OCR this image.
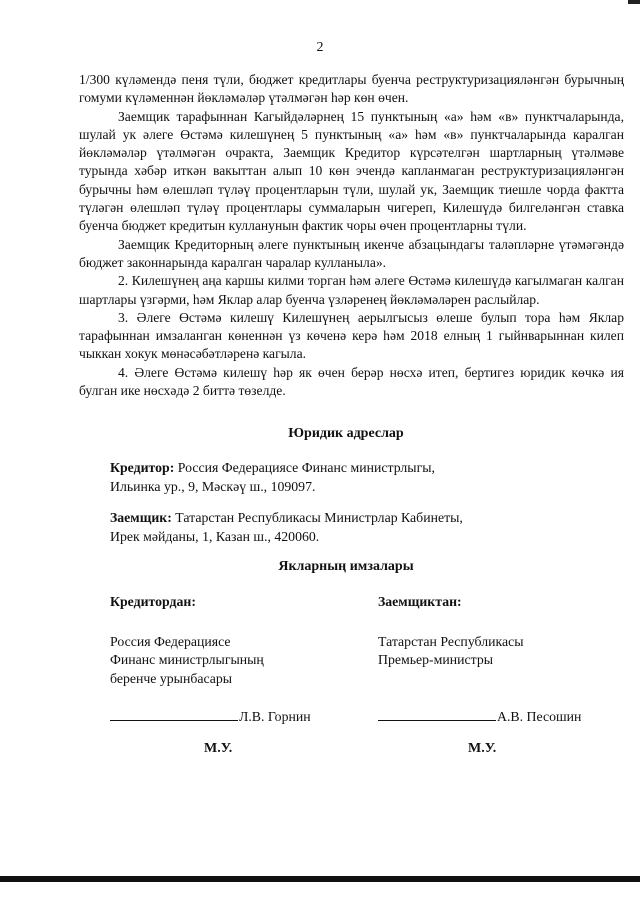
2

1/300 күләмендә пеня түли, бюджет кредитлары буенча реструктуризацияләнгән бурычның гомуми күләменнән йөкләмәләр үтәлмәгән һәр көн өчен.

Заемщик тарафыннан Кагыйдәләрнең 15 пунктының «а» һәм «в» пунктчаларында, шулай ук әлеге Өстәмә килешүнең 5 пунктының «а» һәм «в» пунктчаларында каралган йөкләмәләр үтәлмәгән очракта, Заемщик Кредитор күрсәтелгән шартларның үтәлмәве турында хәбәр иткән вакыттан алып 10 көн эчендә капланмаган реструктуризацияләнгән бурычны һәм өлешләп түләү процентларын түли, шулай ук, Заемщик тиешле чорда фактта түләгән өлешләп түләү процентлары суммаларын чигереп, Килешүдә билгеләнгән ставка буенча бюджет кредитын кулланунын фактик чоры өчен процентларны түли.

Заемщик Кредиторның әлеге пунктының икенче абзацындагы таләпләрне үтәмәгәндә бюджет законнарында каралган чаралар кулланыла».

2. Килешүнең аңа каршы килми торган һәм әлеге Өстәмә килешүдә кагылмаган калган шартлары үзгәрми, һәм Яклар алар буенча үзләренең йөкләмәләрен раслыйлар.

3. Әлеге Өстәмә килешү Килешүнең аерылгысыз өлеше булып тора һәм Яклар тарафыннан имзаланган көненнән үз көченә керә һәм 2018 елның 1 гыйнварыннан килеп чыккан хокук мөнәсәбәтләренә кагыла.

4. Әлеге Өстәмә килешү һәр як өчен берәр нөсхә итеп, бертигез юридик көчкә ия булган ике нөсхәдә 2 биттә төзелде.

Юридик адреслар
Кредитор: Россия Федерациясе Финанс министрлыгы,
Ильинка ур., 9, Мәскәү ш., 109097.
Заемщик: Татарстан Республикасы Министрлар Кабинеты,
Ирек мәйданы, 1, Казан ш., 420060.
Якларның имзалары
Кредитордан:
Россия Федерациясе
Финанс министрлыгының
беренче урынбасары
Заемщиктан:
Татарстан Республикасы
Премьер-министры
Л.В. Горнин	А.В. Песошин
М.У.	М.У.
